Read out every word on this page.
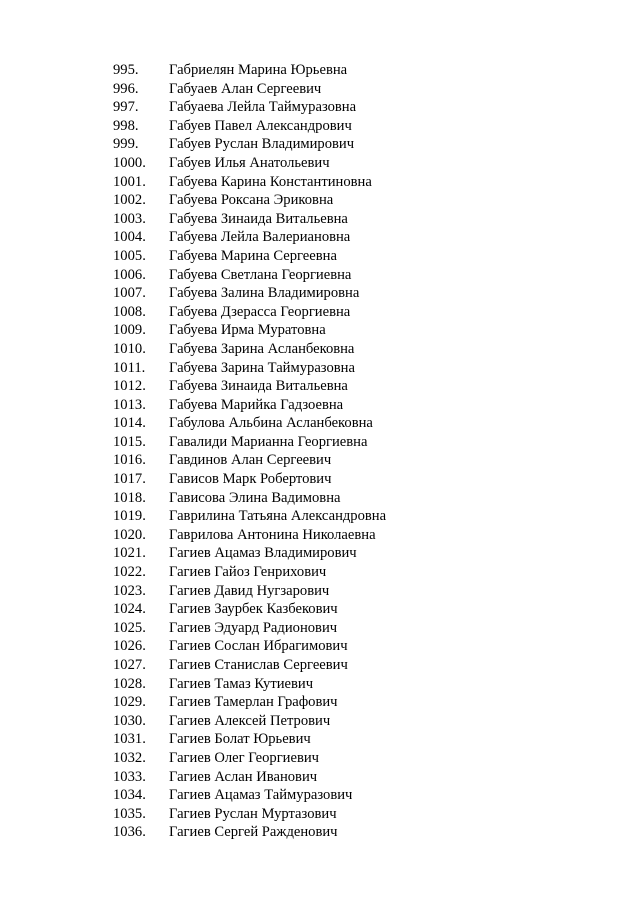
995.	Габриелян Марина Юрьевна
996.	Габуаев Алан Сергеевич
997.	Габуаева Лейла Таймуразовна
998.	Габуев Павел Александрович
999.	Габуев Руслан Владимирович
1000.	Габуев Илья Анатольевич
1001.	Габуева Карина Константиновна
1002.	Габуева Роксана Эриковна
1003.	Габуева Зинаида Витальевна
1004.	Габуева Лейла Валериановна
1005.	Габуева Марина Сергеевна
1006.	Габуева Светлана Георгиевна
1007.	Габуева Залина Владимировна
1008.	Габуева Дзерасса Георгиевна
1009.	Габуева Ирма Муратовна
1010.	Габуева Зарина Асланбековна
1011.	Габуева Зарина Таймуразовна
1012.	Габуева Зинаида Витальевна
1013.	Габуева Марийка Гадзоевна
1014.	Габулова Альбина Асланбековна
1015.	Гавалиди Марианна Георгиевна
1016.	Гавдинов Алан Сергеевич
1017.	Гависов Марк Робертович
1018.	Гависова Элина Вадимовна
1019.	Гаврилина Татьяна Александровна
1020.	Гаврилова Антонина Николаевна
1021.	Гагиев Ацамаз Владимирович
1022.	Гагиев Гайоз Генрихович
1023.	Гагиев Давид Нугзарович
1024.	Гагиев Заурбек Казбекович
1025.	Гагиев Эдуард Радионович
1026.	Гагиев Сослан Ибрагимович
1027.	Гагиев Станислав Сергеевич
1028.	Гагиев Тамаз Кутиевич
1029.	Гагиев Тамерлан Графович
1030.	Гагиев Алексей Петрович
1031.	Гагиев Болат Юрьевич
1032.	Гагиев Олег Георгиевич
1033.	Гагиев Аслан Иванович
1034.	Гагиев Ацамаз Таймуразович
1035.	Гагиев Руслан Муртазович
1036.	Гагиев Сергей Ражденович
